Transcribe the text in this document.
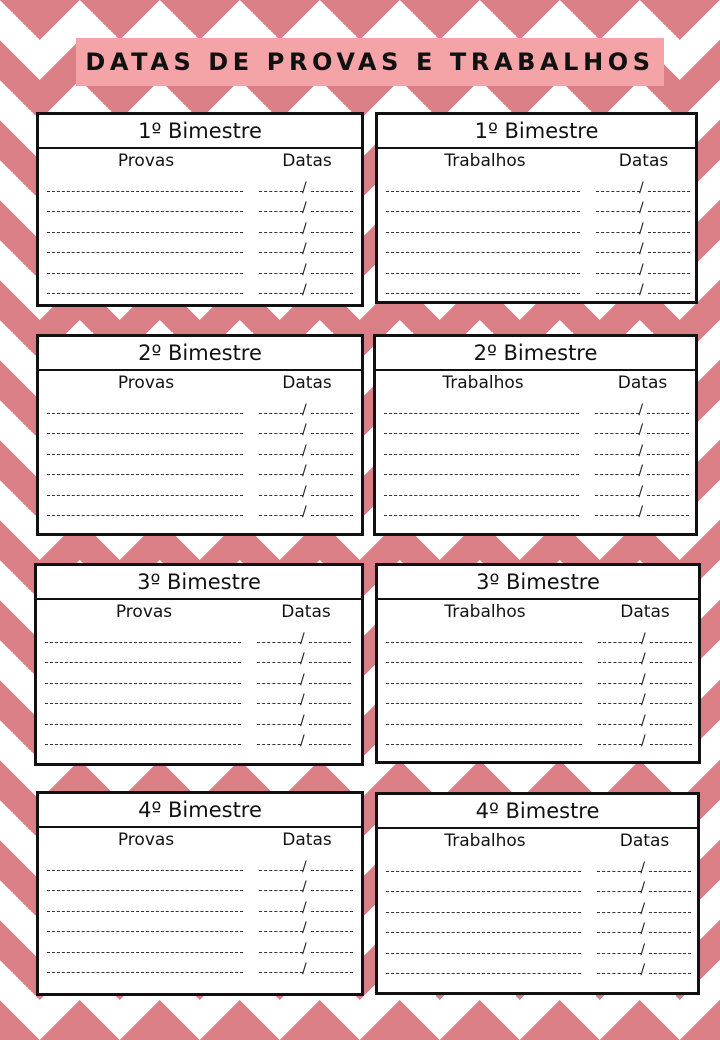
DATAS DE PROVAS E TRABALHOS
1º Bimestre
Provas	Datas
/
/
/
/
/
/
1º Bimestre
Trabalhos	Datas
/
/
/
/
/
/
2º Bimestre
Provas	Datas
/
/
/
/
/
/
2º Bimestre
Trabalhos	Datas
/
/
/
/
/
/
3º Bimestre
Provas	Datas
/
/
/
/
/
/
3º Bimestre
Trabalhos	Datas
/
/
/
/
/
/
4º Bimestre
Provas	Datas
/
/
/
/
/
/
4º Bimestre
Trabalhos	Datas
/
/
/
/
/
/
